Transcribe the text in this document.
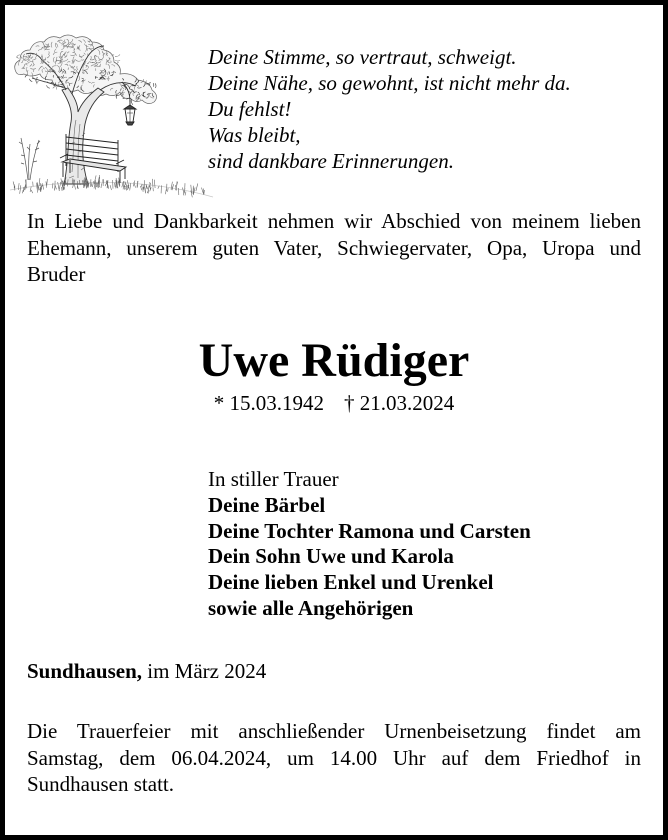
Deine Stimme, so vertraut, schweigt.
Deine Nähe, so gewohnt, ist nicht mehr da.
Du fehlst!
Was bleibt,
sind dankbare Erinnerungen.
In Liebe und Dankbarkeit nehmen wir Abschied von meinem lieben
Ehemann, unserem guten Vater, Schwiegervater, Opa, Uropa und
Bruder
Uwe Rüdiger
* 15.03.1942 † 21.03.2024
In stiller Trauer
Deine Bärbel
Deine Tochter Ramona und Carsten
Dein Sohn Uwe und Karola
Deine lieben Enkel und Urenkel
sowie alle Angehörigen
Sundhausen, im März 2024
Die Trauerfeier mit anschließender Urnenbeisetzung findet am
Samstag, dem 06.04.2024, um 14.00 Uhr auf dem Friedhof in
Sundhausen statt.
